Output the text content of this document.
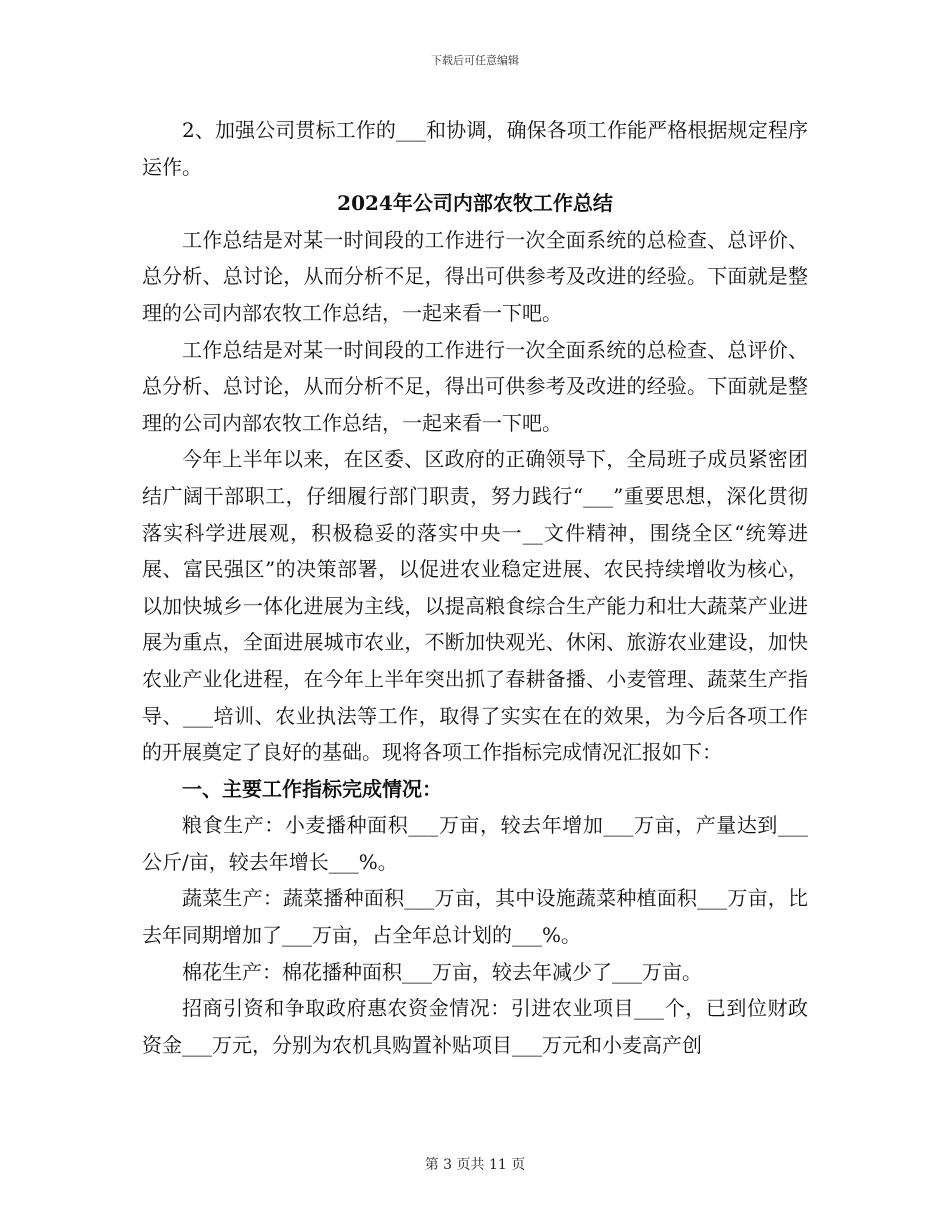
下载后可任意编辑

2、加强公司贯标工作的___和协调，确保各项工作能严格根据规定程序运作。

2024年公司内部农牧工作总结

工作总结是对某一时间段的工作进行一次全面系统的总检查、总评价、总分析、总讨论，从而分析不足，得出可供参考及改进的经验。下面就是整理的公司内部农牧工作总结，一起来看一下吧。

工作总结是对某一时间段的工作进行一次全面系统的总检查、总评价、总分析、总讨论，从而分析不足，得出可供参考及改进的经验。下面就是整理的公司内部农牧工作总结，一起来看一下吧。

今年上半年以来，在区委、区政府的正确领导下，全局班子成员紧密团结广阔干部职工，仔细履行部门职责，努力践行“___”重要思想，深化贯彻落实科学进展观，积极稳妥的落实中央一__文件精神，围绕全区“统筹进展、富民强区”的决策部署，以促进农业稳定进展、农民持续增收为核心，以加快城乡一体化进展为主线，以提高粮食综合生产能力和壮大蔬菜产业进展为重点，全面进展城市农业，不断加快观光、休闲、旅游农业建设，加快农业产业化进程，在今年上半年突出抓了春耕备播、小麦管理、蔬菜生产指导、___培训、农业执法等工作，取得了实实在在的效果，为今后各项工作的开展奠定了良好的基础。现将各项工作指标完成情况汇报如下：

一、主要工作指标完成情况：

粮食生产：小麦播种面积___万亩，较去年增加___万亩，产量达到___公斤/亩，较去年增长___%。

蔬菜生产：蔬菜播种面积___万亩，其中设施蔬菜种植面积___万亩，比去年同期增加了___万亩，占全年总计划的___%。

棉花生产：棉花播种面积___万亩，较去年减少了___万亩。

招商引资和争取政府惠农资金情况：引进农业项目___个，已到位财政资金___万元，分别为农机具购置补贴项目___万元和小麦高产创

第 3 页共 11 页
